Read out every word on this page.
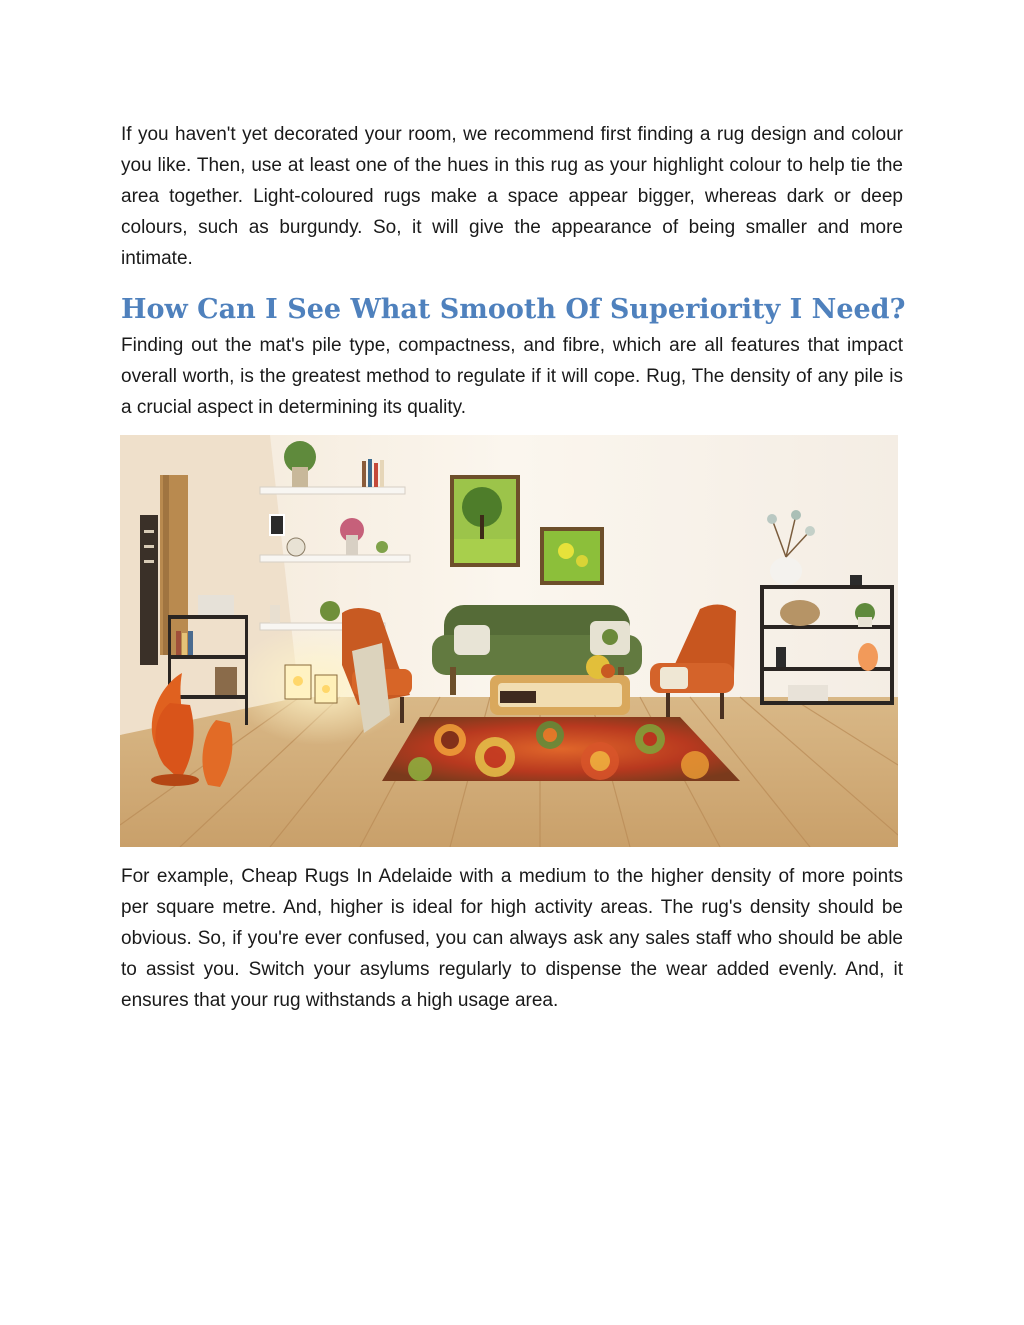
If you haven't yet decorated your room, we recommend first finding a rug design and colour you like. Then, use at least one of the hues in this rug as your highlight colour to help tie the area together. Light-coloured rugs make a space appear bigger, whereas dark or deep colours, such as burgundy. So, it will give the appearance of being smaller and more intimate.

How Can I See What Smooth Of Superiority I Need?

Finding out the mat's pile type, compactness, and fibre, which are all features that impact overall worth, is the greatest method to regulate if it will cope. Rug, The density of any pile is a crucial aspect in determining its quality.

For example, Cheap Rugs In Adelaide with a medium to the higher density of more points per square metre. And, higher is ideal for high activity areas. The rug's density should be obvious. So, if you're ever confused, you can always ask any sales staff who should be able to assist you. Switch your asylums regularly to dispense the wear added evenly. And, it ensures that your rug withstands a high usage area.
